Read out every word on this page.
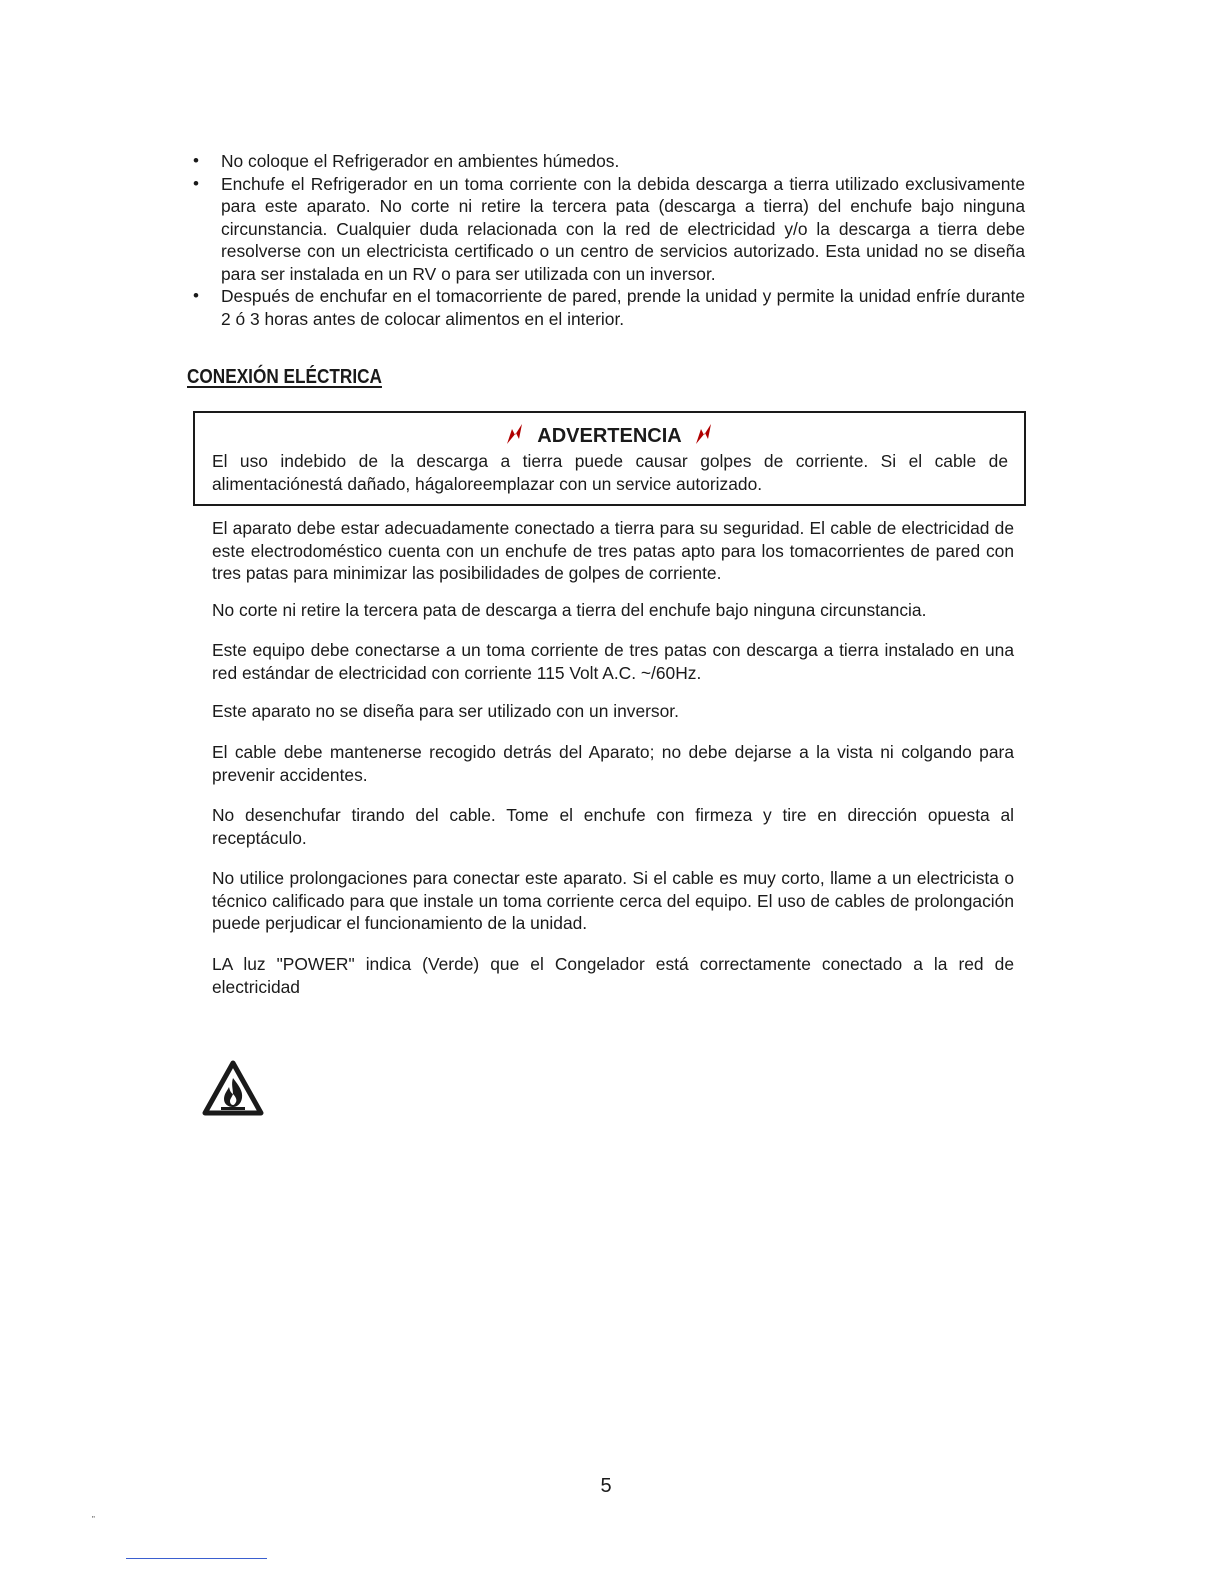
• No coloque el Refrigerador en ambientes húmedos.
• Enchufe el Refrigerador en un toma corriente con la debida descarga a tierra utilizado exclusivamente para este aparato. No corte ni retire la tercera pata (descarga a tierra) del enchufe bajo ninguna circunstancia. Cualquier duda relacionada con la red de electricidad y/o la descarga a tierra debe resolverse con un electricista certificado o un centro de servicios autorizado. Esta unidad no se diseña para ser instalada en un RV o para ser utilizada con un inversor.
• Después de enchufar en el tomacorriente de pared, prende la unidad y permite la unidad enfríe durante 2 ó 3 horas antes de colocar alimentos en el interior.
CONEXIÓN ELÉCTRICA
ADVERTENCIA

El uso indebido de la descarga a tierra puede causar golpes de corriente. Si el cable de alimentaciónestá dañado, hágaloreemplazar con un service autorizado.

El aparato debe estar adecuadamente conectado a tierra para su seguridad. El cable de electricidad de este electrodoméstico cuenta con un enchufe de tres patas apto para los tomacorrientes de pared con tres patas para minimizar las posibilidades de golpes de corriente.

No corte ni retire la tercera pata de descarga a tierra del enchufe bajo ninguna circunstancia.

Este equipo debe conectarse a un toma corriente de tres patas con descarga a tierra instalado en una red estándar de electricidad con corriente 115 Volt A.C. ~/60Hz.

Este aparato no se diseña para ser utilizado con un inversor.

El cable debe mantenerse recogido detrás del Aparato; no debe dejarse a la vista ni colgando para prevenir accidentes.

No desenchufar tirando del cable. Tome el enchufe con firmeza y tire en dirección opuesta al receptáculo.

No utilice prolongaciones para conectar este aparato. Si el cable es muy corto, llame a un electricista o técnico calificado para que instale un toma corriente cerca del equipo. El uso de cables de prolongación puede perjudicar el funcionamiento de la unidad.

LA luz "POWER" indica (Verde) que el Congelador está correctamente conectado a la red de electricidad

5
"
